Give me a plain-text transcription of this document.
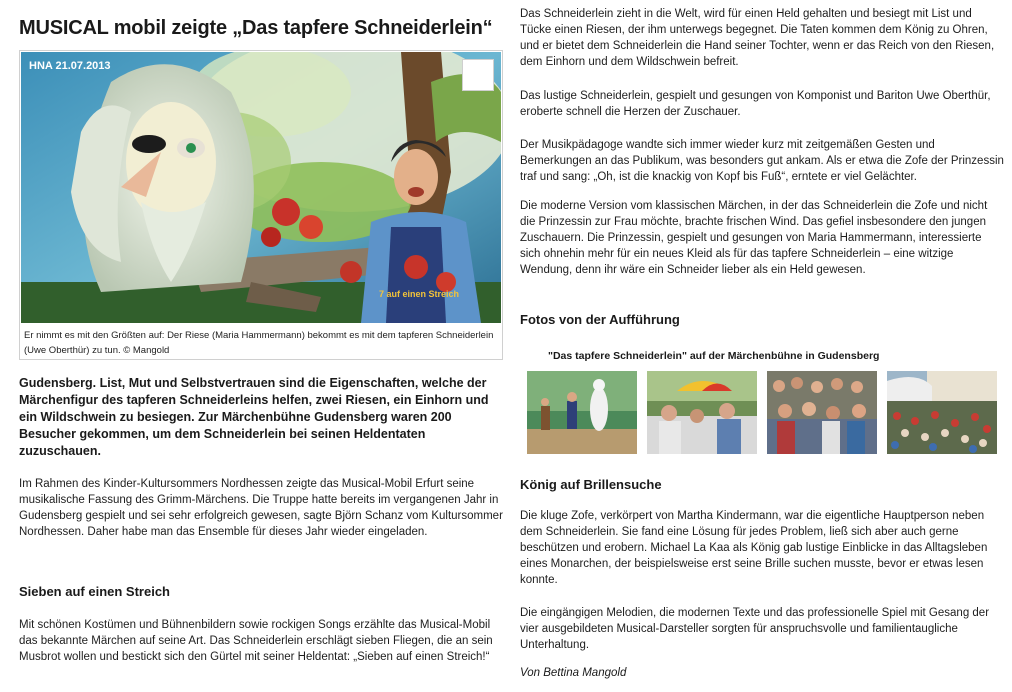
MUSICAL mobil zeigte „Das tapfere Schneiderlein“
7 auf einen Streich
HNA 21.07.2013
Er nimmt es mit den Größten auf: Der Riese (Maria Hammermann) bekommt es mit dem tapferen Schneiderlein (Uwe Oberthür) zu tun. © Mangold

Gudensberg. List, Mut und Selbstvertrauen sind die Eigenschaften, welche der Märchenfigur des tapferen Schneiderleins helfen, zwei Riesen, ein Einhorn und ein Wildschwein zu besiegen. Zur Märchenbühne Gudensberg waren 200 Besucher gekommen, um dem Schneiderlein bei seinen Heldentaten zuzuschauen.

Im Rahmen des Kinder-Kultursommers Nordhessen zeigte das Musical-Mobil Erfurt seine musikalische Fassung des Grimm-Märchens. Die Truppe hatte bereits im vergangenen Jahr in Gudensberg gespielt und sei sehr erfolgreich gewesen, sagte Björn Schanz vom Kultursommer Nordhessen. Daher habe man das Ensemble für dieses Jahr wieder eingeladen.

Sieben auf einen Streich

Mit schönen Kostümen und Bühnenbildern sowie rockigen Songs erzählte das Musical-Mobil das bekannte Märchen auf seine Art. Das Schneiderlein erschlägt sieben Fliegen, die an sein Musbrot wollen und bestickt sich den Gürtel mit seiner Heldentat: „Sieben auf einen Streich!“

Das Schneiderlein zieht in die Welt, wird für einen Held gehalten und besiegt mit List und Tücke einen Riesen, der ihm unterwegs begegnet. Die Taten kommen dem König zu Ohren, und er bietet dem Schneiderlein die Hand seiner Tochter, wenn er das Reich von den Riesen, dem Einhorn und dem Wildschwein befreit.

Das lustige Schneiderlein, gespielt und gesungen von Komponist und Bariton Uwe Oberthür, eroberte schnell die Herzen der Zuschauer.

Der Musikpädagoge wandte sich immer wieder kurz mit zeitgemäßen Gesten und Bemerkungen an das Publikum, was besonders gut ankam. Als er etwa die Zofe der Prinzessin traf und sang: „Oh, ist die knackig von Kopf bis Fuß“, erntete er viel Gelächter.

Die moderne Version vom klassischen Märchen, in der das Schneiderlein die Zofe und nicht die Prinzessin zur Frau möchte, brachte frischen Wind. Das gefiel insbesondere den jungen Zuschauern. Die Prinzessin, gespielt und gesungen von Maria Hammermann, interessierte sich ohnehin mehr für ein neues Kleid als für das tapfere Schneiderlein – eine witzige Wendung, denn ihr wäre ein Schneider lieber als ein Held gewesen.

Fotos von der Aufführung
"Das tapfere Schneiderlein" auf der Märchenbühne in Gudensberg
König auf Brillensuche

Die kluge Zofe, verkörpert von Martha Kindermann, war die eigentliche Hauptperson neben dem Schneiderlein. Sie fand eine Lösung für jedes Problem, ließ sich aber auch gerne beschützen und erobern. Michael La Kaa als König gab lustige Einblicke in das Alltagsleben eines Monarchen, der beispielsweise erst seine Brille suchen musste, bevor er etwas lesen konnte.

Die eingängigen Melodien, die modernen Texte und das professionelle Spiel mit Gesang der vier ausgebildeten Musical-Darsteller sorgten für anspruchsvolle und familientaugliche Unterhaltung.

Von Bettina Mangold
